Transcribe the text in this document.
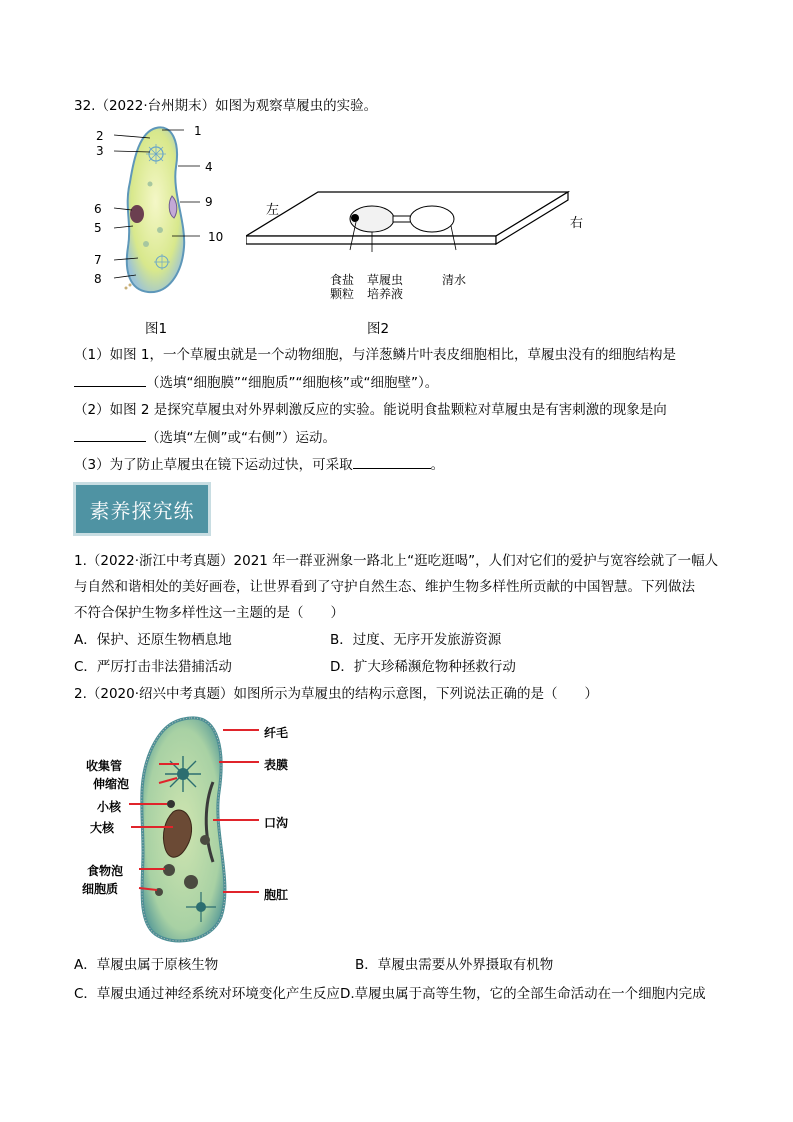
32.（2022·台州期末）如图为观察草履虫的实验。
1
2
3
4
5
6
7
8
9
10
图1
左
右
食盐
颗粒
草履虫
培养液
清水
图2
（1）如图 1，一个草履虫就是一个动物细胞，与洋葱鳞片叶表皮细胞相比，草履虫没有的细胞结构是
（选填“细胞膜”“细胞质”“细胞核”或“细胞壁”）。
（2）如图 2 是探究草履虫对外界刺激反应的实验。能说明食盐颗粒对草履虫是有害刺激的现象是向
（选填“左侧”或“右侧”）运动。
（3）为了防止草履虫在镜下运动过快，可采取	。
素养探究练
1.（2022·浙江中考真题）2021 年一群亚洲象一路北上“逛吃逛喝”，人们对它们的爱护与宽容绘就了一幅人
与自然和谐相处的美好画卷，让世界看到了守护自然生态、维护生物多样性所贡献的中国智慧。下列做法
不符合保护生物多样性这一主题的是（　　）
A．保护、还原生物栖息地	B．过度、无序开发旅游资源
C．严厉打击非法猎捕活动	D．扩大珍稀濒危物种拯救行动
2.（2020·绍兴中考真题）如图所示为草履虫的结构示意图，下列说法正确的是（　　）
收集管
伸缩泡
小核
大核
食物泡
细胞质
纤毛
表膜
口沟
胞肛
A．草履虫属于原核生物	B．草履虫需要从外界摄取有机物
C．草履虫通过神经系统对环境变化产生反应D.草履虫属于高等生物，它的全部生命活动在一个细胞内完成
